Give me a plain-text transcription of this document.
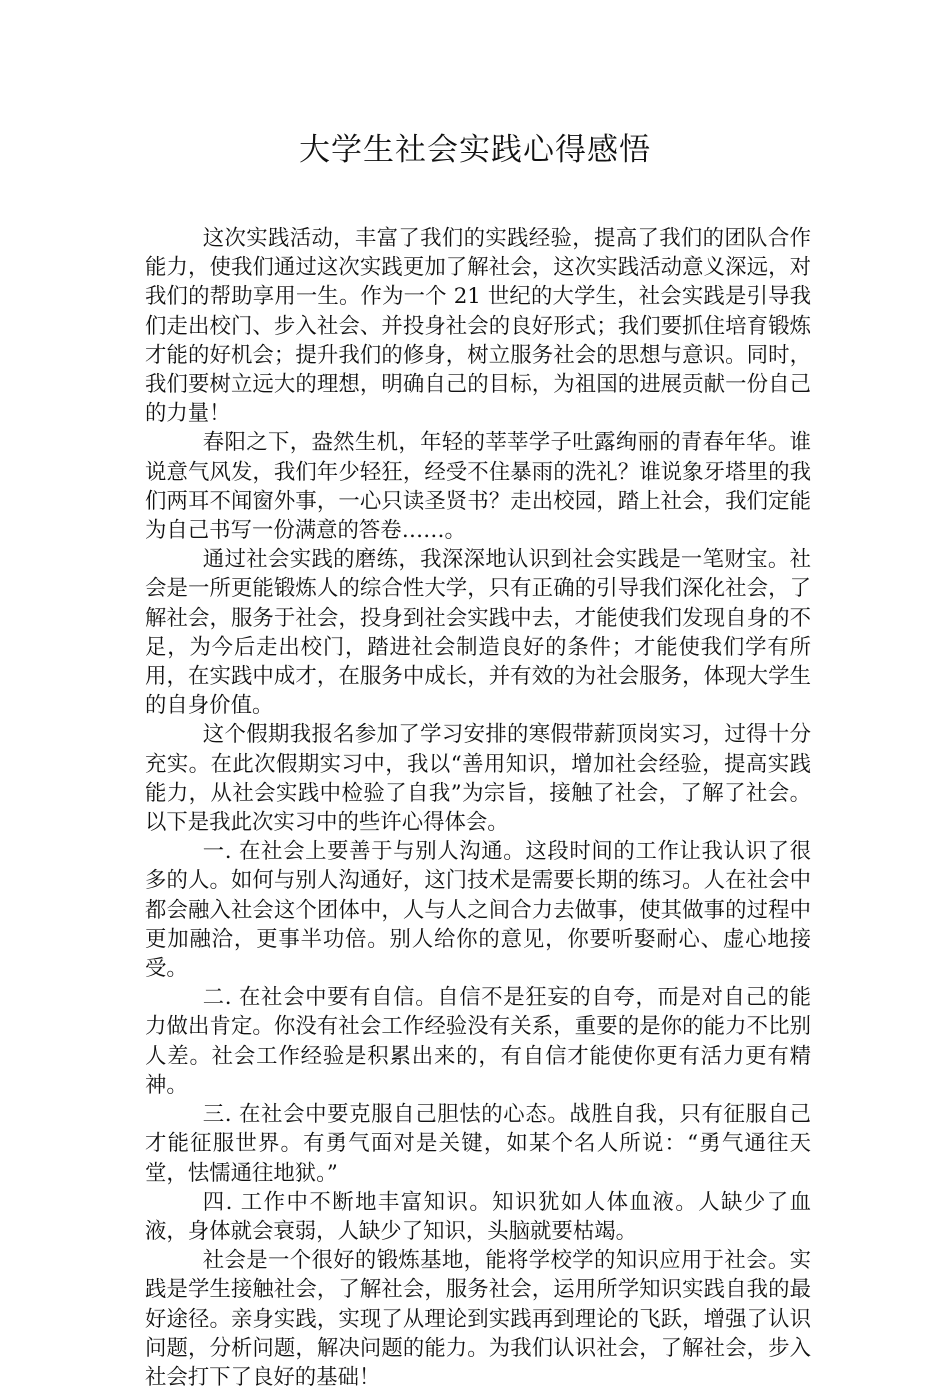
大学生社会实践心得感悟

这次实践活动，丰富了我们的实践经验，提高了我们的团队合作能力，使我们通过这次实践更加了解社会，这次实践活动意义深远，对我们的帮助享用一生。作为一个 21 世纪的大学生，社会实践是引导我们走出校门、步入社会、并投身社会的良好形式；我们要抓住培育锻炼才能的好机会；提升我们的修身，树立服务社会的思想与意识。同时，我们要树立远大的理想，明确自己的目标，为祖国的进展贡献一份自己的力量！

春阳之下，盎然生机，年轻的莘莘学子吐露绚丽的青春年华。谁说意气风发，我们年少轻狂，经受不住暴雨的洗礼？谁说象牙塔里的我们两耳不闻窗外事，一心只读圣贤书？走出校园，踏上社会，我们定能为自己书写一份满意的答卷……。

通过社会实践的磨练，我深深地认识到社会实践是一笔财宝。社会是一所更能锻炼人的综合性大学，只有正确的引导我们深化社会，了解社会，服务于社会，投身到社会实践中去，才能使我们发现自身的不足，为今后走出校门，踏进社会制造良好的条件；才能使我们学有所用，在实践中成才，在服务中成长，并有效的为社会服务，体现大学生的自身价值。

这个假期我报名参加了学习安排的寒假带薪顶岗实习，过得十分充实。在此次假期实习中，我以“善用知识，增加社会经验，提高实践能力，从社会实践中检验了自我”为宗旨，接触了社会，了解了社会。以下是我此次实习中的些许心得体会。

一. 在社会上要善于与别人沟通。这段时间的工作让我认识了很多的人。如何与别人沟通好，这门技术是需要长期的练习。人在社会中都会融入社会这个团体中，人与人之间合力去做事，使其做事的过程中更加融洽，更事半功倍。别人给你的意见，你要听娶耐心、虚心地接受。

二. 在社会中要有自信。自信不是狂妄的自夸，而是对自己的能力做出肯定。你没有社会工作经验没有关系，重要的是你的能力不比别人差。社会工作经验是积累出来的，有自信才能使你更有活力更有精神。

三. 在社会中要克服自己胆怯的心态。战胜自我，只有征服自己才能征服世界。有勇气面对是关键，如某个名人所说：“勇气通往天堂，怯懦通往地狱。”

四. 工作中不断地丰富知识。知识犹如人体血液。人缺少了血液，身体就会衰弱，人缺少了知识，头脑就要枯竭。

社会是一个很好的锻炼基地，能将学校学的知识应用于社会。实践是学生接触社会，了解社会，服务社会，运用所学知识实践自我的最好途径。亲身实践，实现了从理论到实践再到理论的飞跃，增强了认识问题，分析问题，解决问题的能力。为我们认识社会，了解社会，步入社会打下了良好的基础！
